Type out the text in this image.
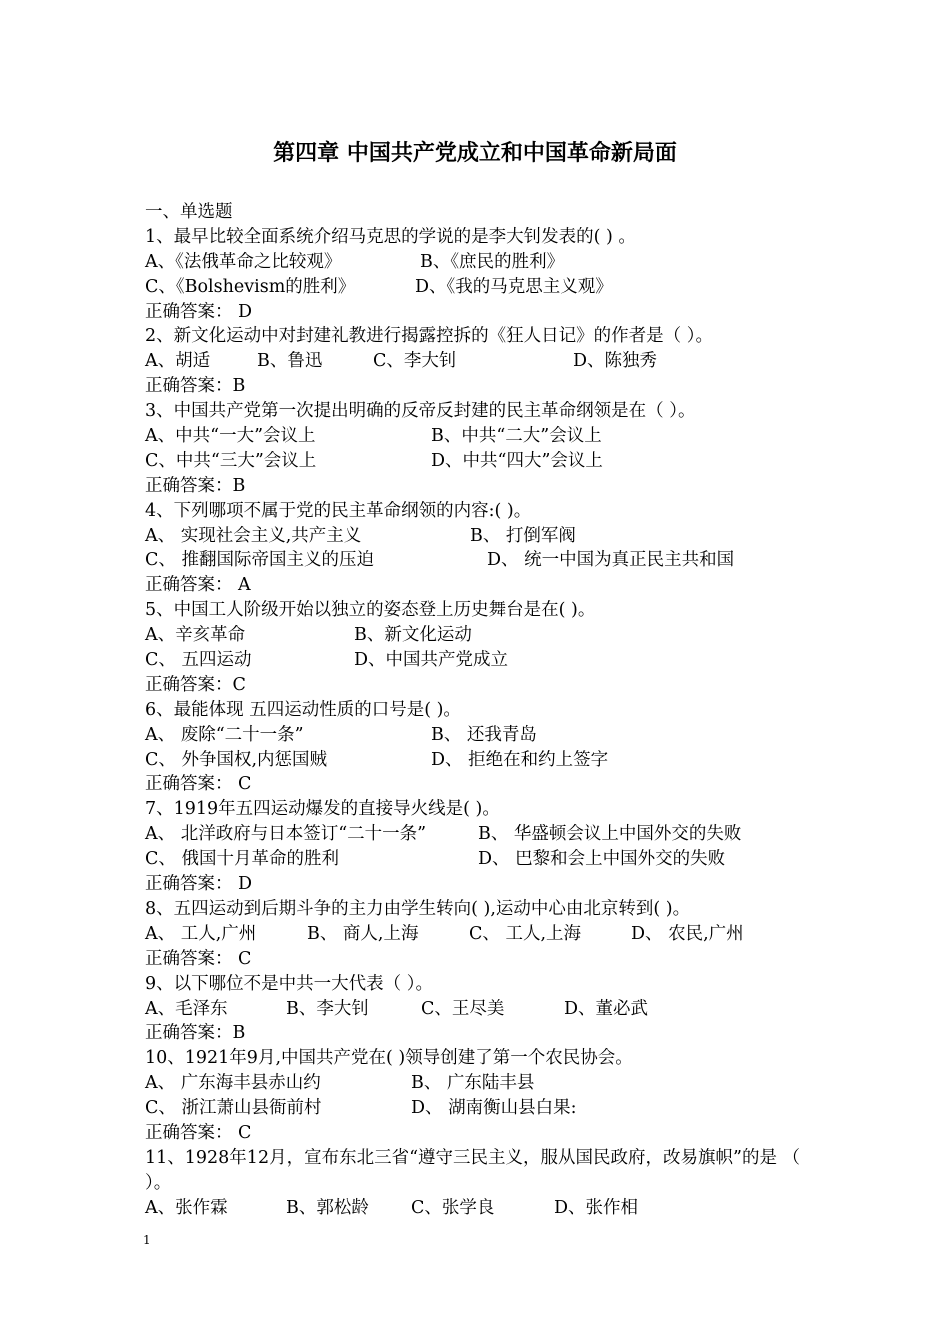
第四章 中国共产党成立和中国革命新局面
一、单选题
1、最早比较全面系统介绍马克思的学说的是李大钊发表的( ) 。
A、《法俄革命之比较观》	B、《庶民的胜利》
C、《Bolshevism的胜利》	D、《我的马克思主义观》
正确答案： D
2、新文化运动中对封建礼教进行揭露控拆的《狂人日记》的作者是（ ）。
A、胡适	B、鲁迅	C、李大钊	D、陈独秀
正确答案：B
3、中国共产党第一次提出明确的反帝反封建的民主革命纲领是在（ ）。
A、中共“一大”会议上	B、中共“二大”会议上
C、中共“三大”会议上	D、中共“四大”会议上
正确答案：B
4、下列哪项不属于党的民主革命纲领的内容:( )。
A、 实现社会主义,共产主义	B、 打倒军阀
C、 推翻国际帝国主义的压迫	D、 统一中国为真正民主共和国
正确答案： A
5、中国工人阶级开始以独立的姿态登上历史舞台是在( )。
A、辛亥革命	B、新文化运动
C、 五四运动	D、中国共产党成立
正确答案：C
6、最能体现 五四运动性质的口号是( )。
A、 废除“二十一条”	B、 还我青岛
C、 外争国权,内惩国贼	D、 拒绝在和约上签字
正确答案： C
7、1919年五四运动爆发的直接导火线是( )。
A、 北洋政府与日本签订“二十一条”	B、 华盛顿会议上中国外交的失败
C、 俄国十月革命的胜利	D、 巴黎和会上中国外交的失败
正确答案： D
8、五四运动到后期斗争的主力由学生转向( ),运动中心由北京转到( )。
A、 工人,广州	B、 商人,上海	C、 工人,上海	D、 农民,广州
正确答案： C
9、以下哪位不是中共一大代表（ ）。
A、毛泽东	B、李大钊	C、王尽美	D、董必武
正确答案：B
10、1921年9月,中国共产党在( )领导创建了第一个农民协会。
A、 广东海丰县赤山约	B、 广东陆丰县
C、 浙江萧山县衙前村	D、 湖南衡山县白果:
正确答案： C
11、1928年12月，宣布东北三省“遵守三民主义，服从国民政府，改易旗帜”的是 （ ）。
A、张作霖	B、郭松龄	C、张学良	D、张作相
1
